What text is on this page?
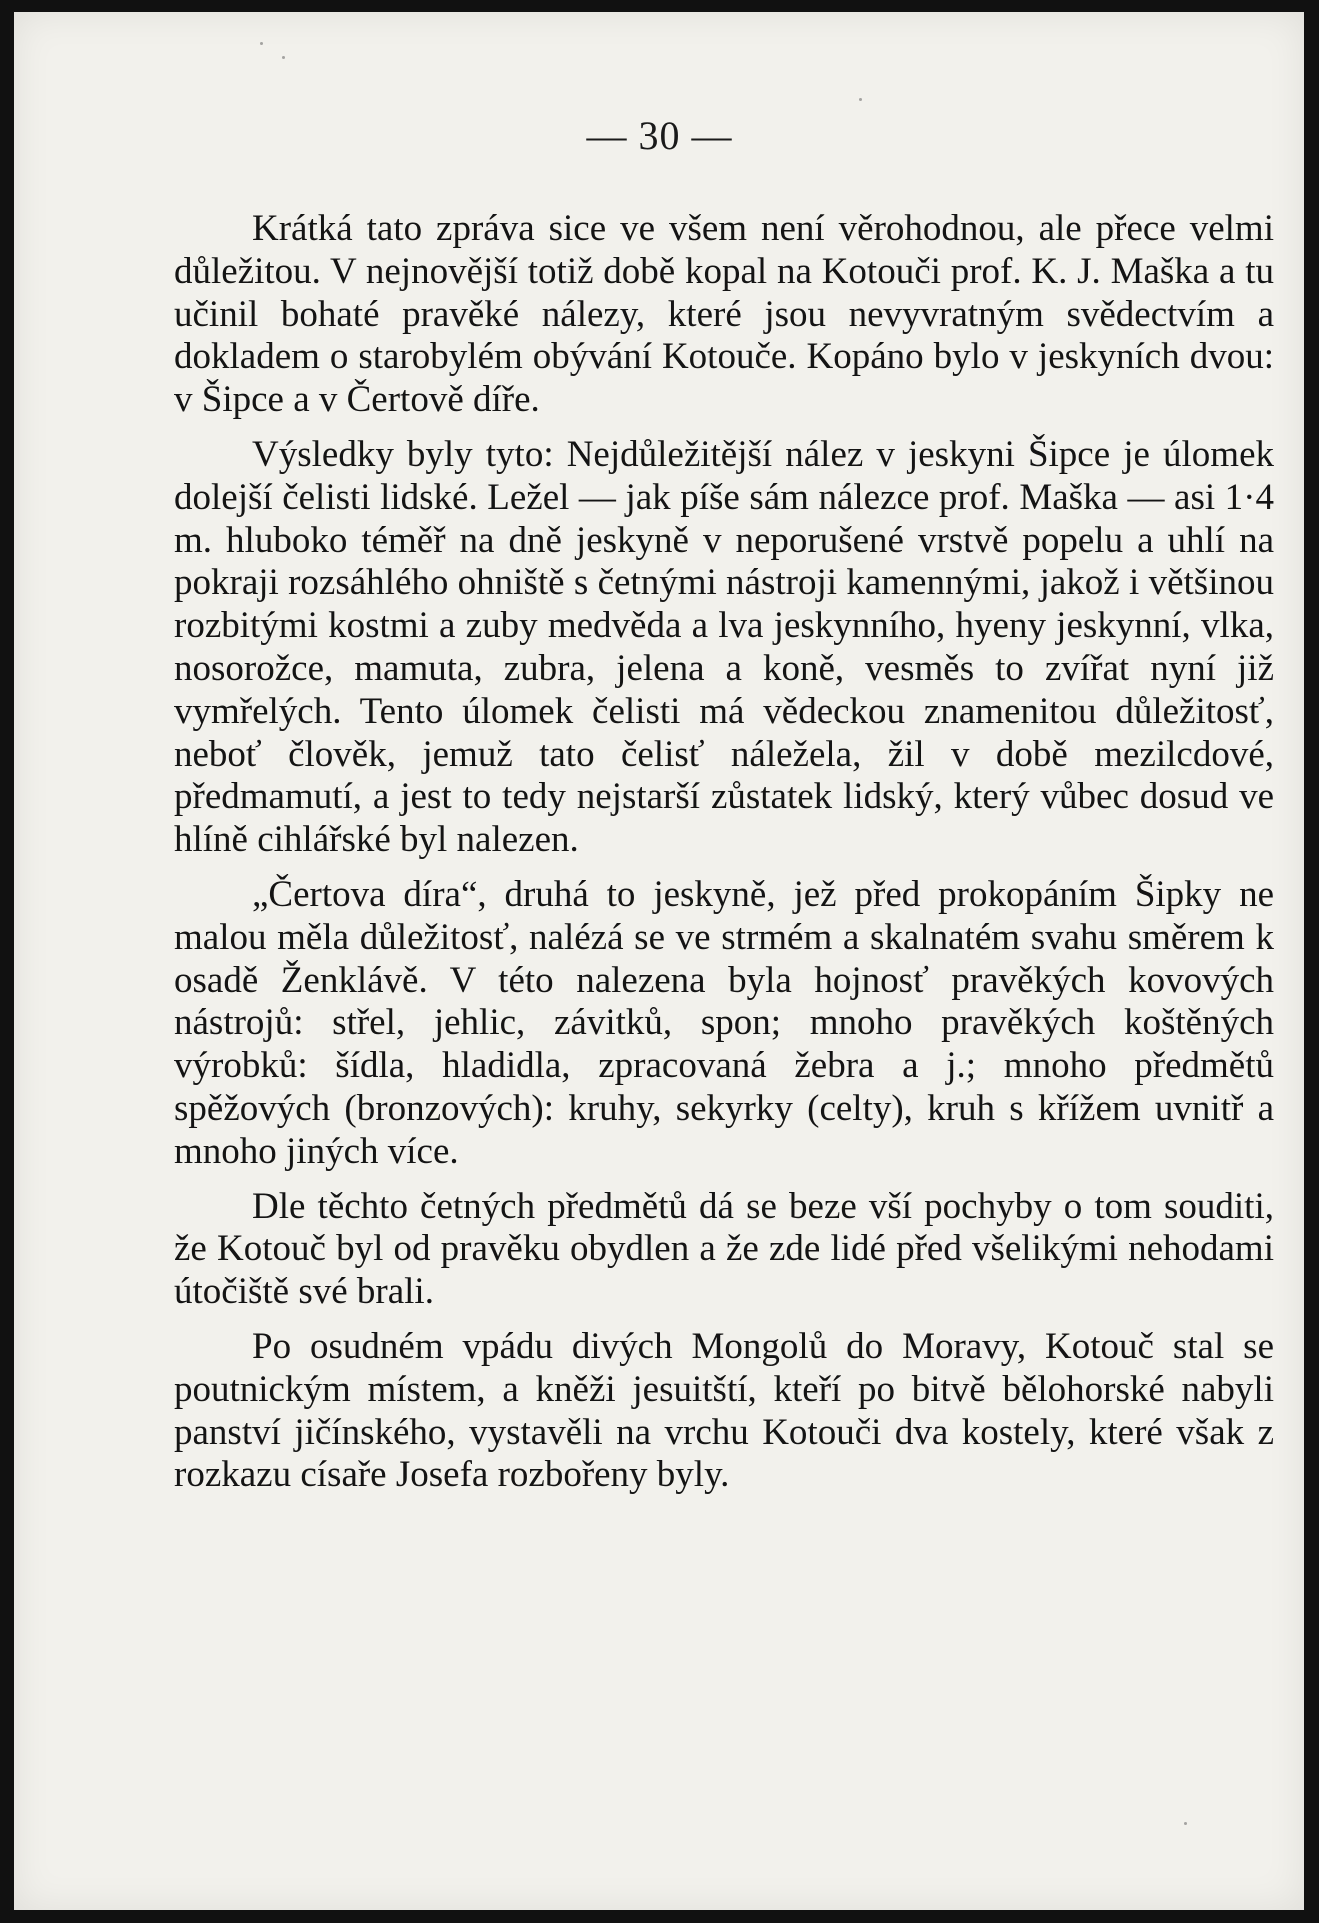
— 30 —

Krátká tato zpráva sice ve všem není věrohodnou, ale přece velmi důležitou. V nejnovější totiž době kopal na Kotouči prof. K. J. Maška a tu učinil bohaté pravěké nálezy, které jsou nevyvratným svědectvím a dokladem o starobylém obývání Kotouče. Kopáno bylo v jeskyních dvou: v Šipce a v Čertově díře.

Výsledky byly tyto: Nejdůležitější nález v jeskyni Šipce je úlomek dolejší čelisti lidské. Ležel — jak píše sám nálezce prof. Maška — asi 1·4 m. hluboko téměř na dně jeskyně v neporušené vrstvě popelu a uhlí na pokraji rozsáhlého ohniště s četnými nástroji kamennými, jakož i většinou rozbitými kostmi a zuby medvěda a lva jeskynního, hyeny jeskynní, vlka, nosorožce, mamuta, zubra, jelena a koně, vesměs to zvířat nyní již vymřelých. Tento úlomek čelisti má vědeckou znamenitou důležitosť, neboť člověk, jemuž tato čelisť náležela, žil v době mezilcdové, předmamutí, a jest to tedy nejstarší zůstatek lidský, který vůbec dosud ve hlíně cihlářské byl nalezen.

„Čertova díra“, druhá to jeskyně, jež před prokopáním Šipky ne malou měla důležitosť, nalézá se ve strmém a skalnatém svahu směrem k osadě Ženklávě. V této nalezena byla hojnosť pravěkých kovových nástrojů: střel, jehlic, závitků, spon; mnoho pravěkých koštěných výrobků: šídla, hladidla, zpracovaná žebra a j.; mnoho předmětů spěžových (bronzových): kruhy, sekyrky (celty), kruh s křížem uvnitř a mnoho jiných více.

Dle těchto četných předmětů dá se beze vší pochyby o tom souditi, že Kotouč byl od pravěku obydlen a že zde lidé před všelikými nehodami útočiště své brali.

Po osudném vpádu divých Mongolů do Moravy, Kotouč stal se poutnickým místem, a kněži jesuitští, kteří po bitvě bělohorské nabyli panství jičínského, vystavěli na vrchu Kotouči dva kostely, které však z rozkazu císaře Josefa rozbořeny byly.
